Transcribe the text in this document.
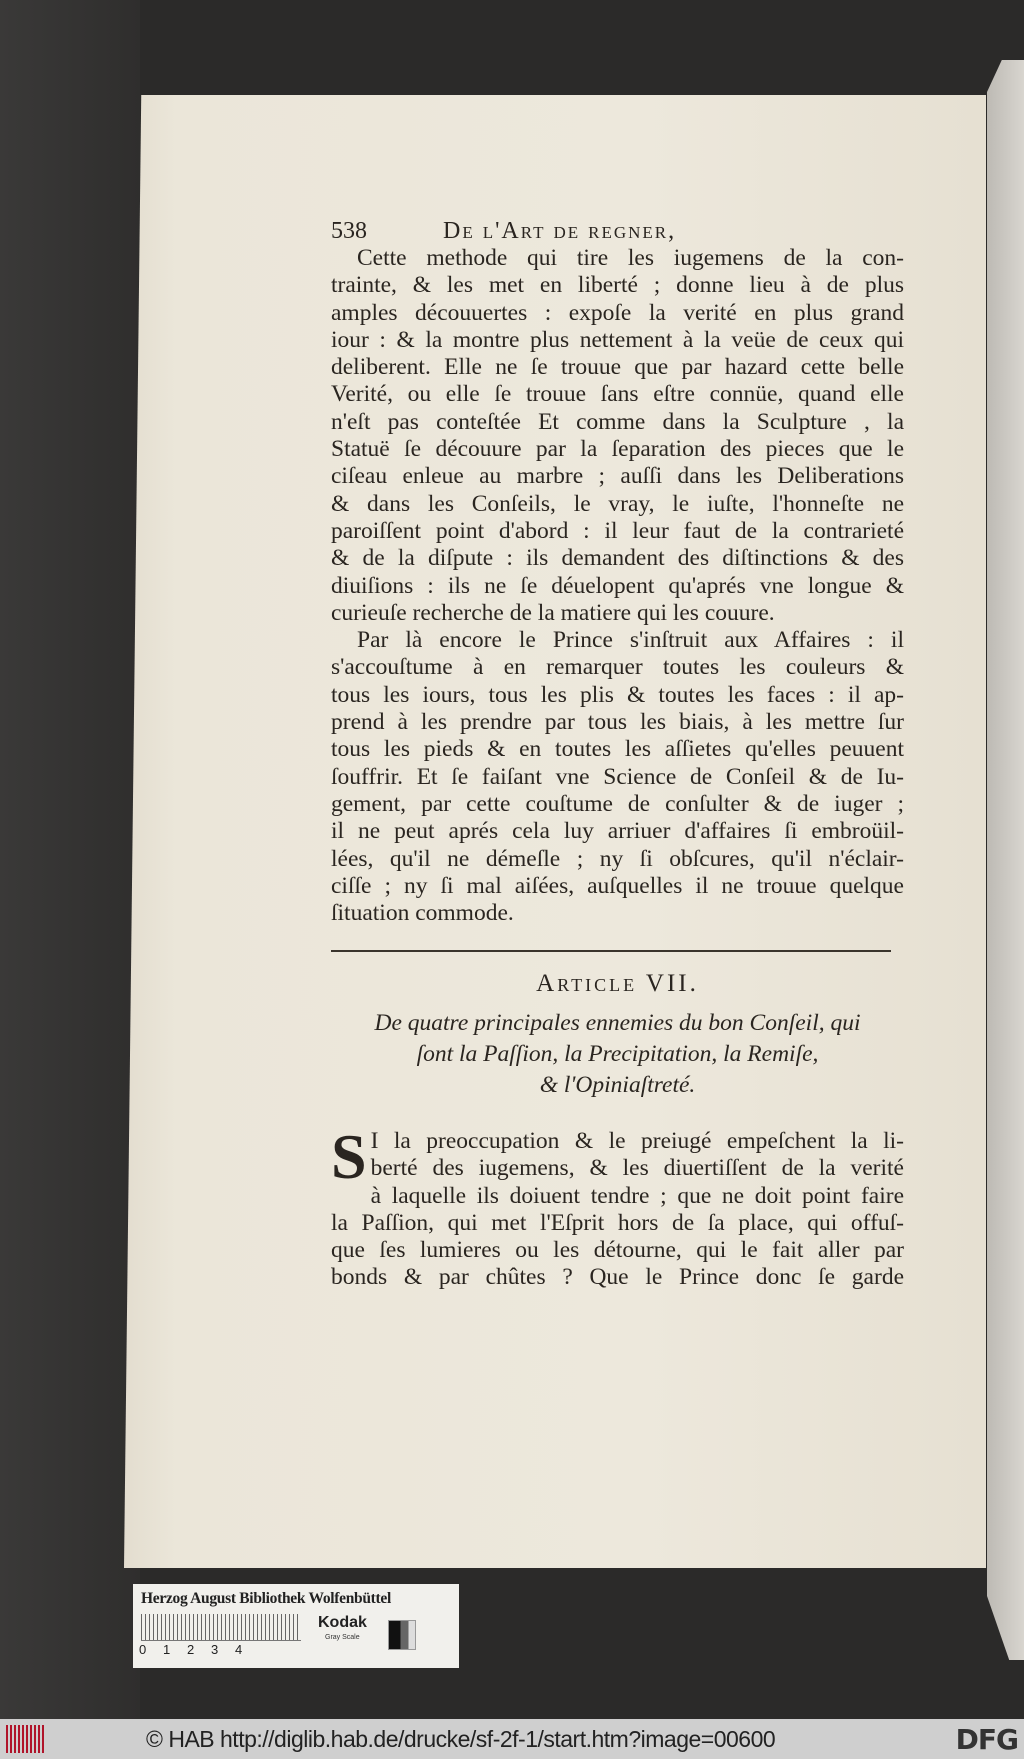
538	De l'Art de regner,
Cette methode qui tire les iugemens de la con-
trainte, & les met en liberté ; donne lieu à de plus
amples découuertes : expoſe la verité en plus grand
iour : & la montre plus nettement à la veüe de ceux qui
deliberent. Elle ne ſe trouue que par hazard cette belle
Verité, ou elle ſe trouue ſans eſtre connüe, quand elle
n'eſt pas conteſtée Et comme dans la Sculpture , la
Statuë ſe découure par la ſeparation des pieces que le
ciſeau enleue au marbre ; auſſi dans les Deliberations
& dans les Conſeils, le vray, le iuſte, l'honneſte ne
paroiſſent point d'abord : il leur faut de la contrarieté
& de la diſpute : ils demandent des diſtinctions & des
diuiſions : ils ne ſe déuelopent qu'aprés vne longue &
curieuſe recherche de la matiere qui les couure.
Par là encore le Prince s'inſtruit aux Affaires : il
s'accouſtume à en remarquer toutes les couleurs &
tous les iours, tous les plis & toutes les faces : il ap-
prend à les prendre par tous les biais, à les mettre ſur
tous les pieds & en toutes les aſſietes qu'elles peuuent
ſouffrir. Et ſe faiſant vne Science de Conſeil & de Iu-
gement, par cette couſtume de conſulter & de iuger ;
il ne peut aprés cela luy arriuer d'affaires ſi embroüil-
lées, qu'il ne démeſle ; ny ſi obſcures, qu'il n'éclair-
ciſſe ; ny ſi mal aiſées, auſquelles il ne trouue quelque
ſituation commode.
Article VII.
De quatre principales ennemies du bon Conſeil, qui
ſont la Paſſion, la Precipitation, la Remiſe,
& l'Opiniaſtreté.
S I la preoccupation & le preiugé empeſchent la li-
berté des iugemens, & les diuertiſſent de la verité
à laquelle ils doiuent tendre ; que ne doit point faire
la Paſſion, qui met l'Eſprit hors de ſa place, qui offuſ-
que ſes lumieres ou les détourne, qui le fait aller par
bonds & par chûtes ? Que le Prince donc ſe garde
Herzog August Bibliothek Wolfenbüttel
0 1 2 3 4
Kodak
Gray Scale
© HAB http://diglib.hab.de/drucke/sf-2f-1/start.htm?image=00600	DFG
